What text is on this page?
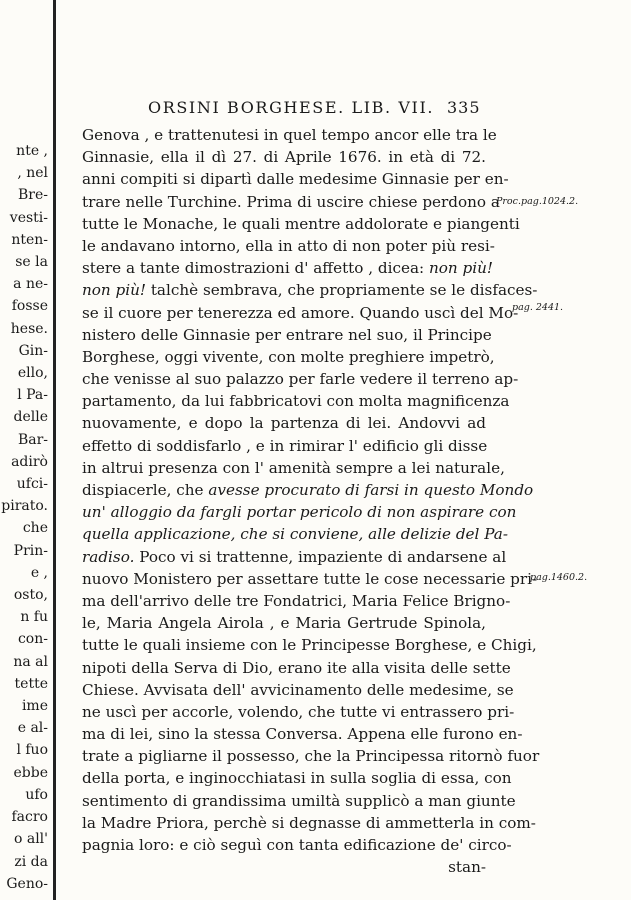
nte ,
, nel
Bre-
vesti-
nten-
se la
a ne-
fosse
hese.
Gin-
ello,
l Pa-
delle
Bar-
adirò
ufci-
pirato.
che
Prin-
e ,
osto,
n fu
con-
na al
tette
ime
e al-
l fuo
ebbe
ufo
facro
o all'
zi da
Geno-
ORSINI BORGHESE. LIB. VII. 335
Genova , e trattenutesi in quel tempo ancor elle tra le
Ginnasie, ella il dì 27. di Aprile 1676. in età di 72.
anni compiti si dipartì dalle medesime Ginnasie per en-
trare nelle Turchine. Prima di uscire chiese perdono a
tutte le Monache, le quali mentre addolorate e piangenti
le andavano intorno, ella in atto di non poter più resi-
stere a tante dimostrazioni d' affetto , dicea: non più!
non più! talchè sembrava, che propriamente se le disfaces-
se il cuore per tenerezza ed amore. Quando uscì del Mo-
nistero delle Ginnasie per entrare nel suo, il Principe
Borghese, oggi vivente, con molte preghiere impetrò,
che venisse al suo palazzo per farle vedere il terreno ap-
partamento, da lui fabbricatovi con molta magnificenza
nuovamente, e dopo la partenza di lei. Andovvi ad
effetto di soddisfarlo , e in rimirar l' edificio gli disse
in altrui presenza con l' amenità sempre a lei naturale,
dispiacerle, che avesse procurato di farsi in questo Mondo
un' alloggio da fargli portar pericolo di non aspirare con
quella applicazione, che si conviene, alle delizie del Pa-
radiso. Poco vi si trattenne, impaziente di andarsene al
nuovo Monistero per assettare tutte le cose necessarie pri-
ma dell'arrivo delle tre Fondatrici, Maria Felice Brigno-
le, Maria Angela Airola , e Maria Gertrude Spinola,
tutte le quali insieme con le Principesse Borghese, e Chigi,
nipoti della Serva di Dio, erano ite alla visita delle sette
Chiese. Avvisata dell' avvicinamento delle medesime, se
ne uscì per accorle, volendo, che tutte vi entrassero pri-
ma di lei, sino la stessa Conversa. Appena elle furono en-
trate a pigliarne il possesso, che la Principessa ritornò fuor
della porta, e inginocchiatasi in sulla soglia di essa, con
sentimento di grandissima umiltà supplicò a man giunte
la Madre Priora, perchè si degnasse di ammetterla in com-
pagnia loro: e ciò seguì con tanta edificazione de' circo-
stan-
Proc.pag.1024.2.
pag. 2441.
pag.1460.2.
